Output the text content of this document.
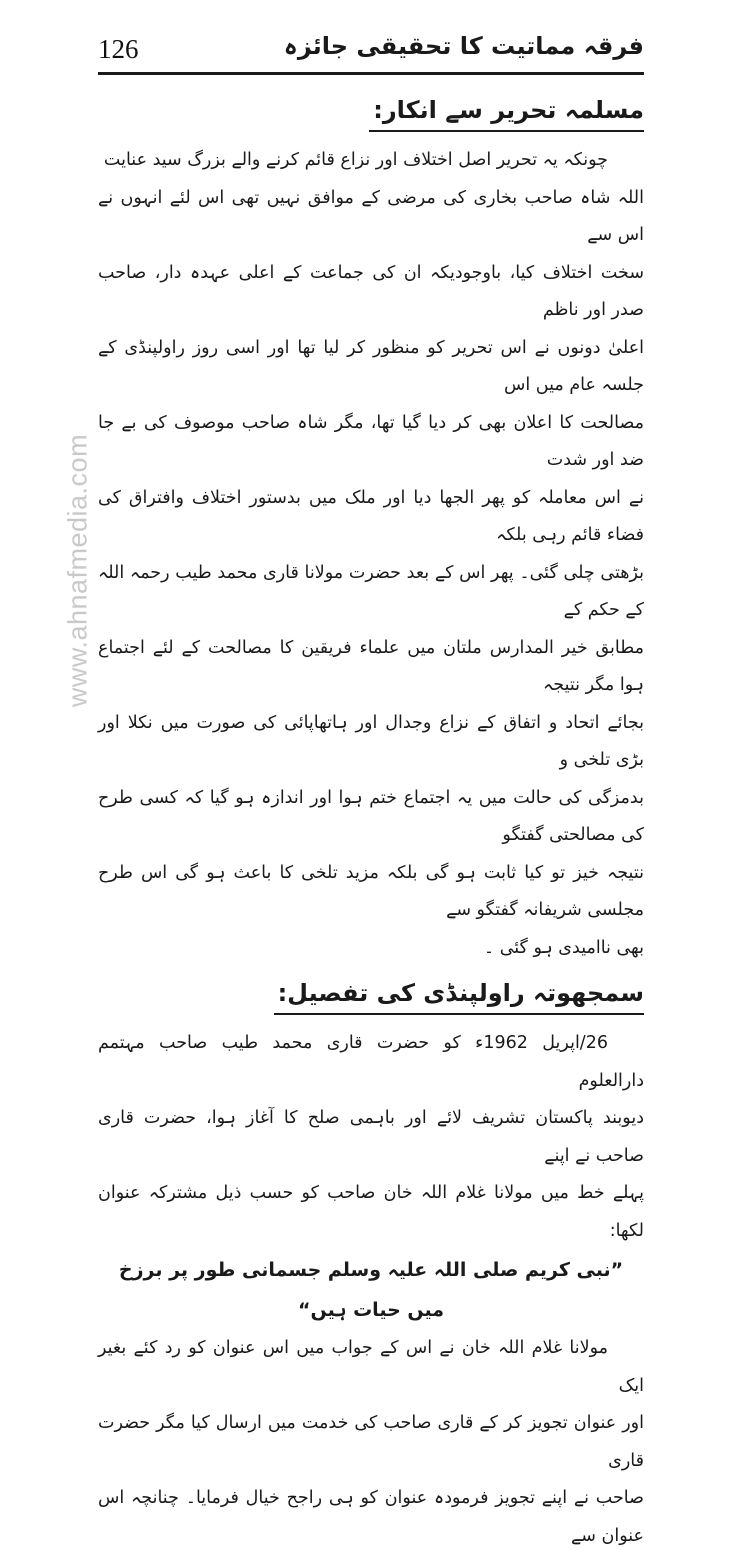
126	فرقہ مماتیت کا تحقیقی جائزہ
www.ahnafmedia.com
مسلمہ تحریر سے انکار:

چونکہ یہ تحریر اصل اختلاف اور نزاع قائم کرنے والے بزرگ سید عنایت

اللہ شاہ صاحب بخاری کی مرضی کے موافق نہیں تھی اس لئے انہوں نے اس سے

سخت اختلاف کیا، باوجودیکہ ان کی جماعت کے اعلی عہدہ دار، صاحب صدر اور ناظم

اعلیٰ دونوں نے اس تحریر کو منظور کر لیا تھا اور اسی روز راولپنڈی کے جلسہ عام میں اس

مصالحت کا اعلان بھی کر دیا گیا تھا، مگر شاہ صاحب موصوف کی بے جا ضد اور شدت

نے اس معاملہ کو پھر الجھا دیا اور ملک میں بدستور اختلاف وافتراق کی فضاء قائم رہی بلکہ

بڑھتی چلی گئی۔ پھر اس کے بعد حضرت مولانا قاری محمد طیب رحمہ اللہ کے حکم کے

مطابق خیر المدارس ملتان میں علماء فریقین کا مصالحت کے لئے اجتماع ہوا مگر نتیجہ

بجائے اتحاد و اتفاق کے نزاع وجدال اور ہاتھاپائی کی صورت میں نکلا اور بڑی تلخی و

بدمزگی کی حالت میں یہ اجتماع ختم ہوا اور اندازہ ہو گیا کہ کسی طرح کی مصالحتی گفتگو

نتیجہ خیز تو کیا ثابت ہو گی بلکہ مزید تلخی کا باعث ہو گی اس طرح مجلسی شریفانہ گفتگو سے

بھی ناامیدی ہو گئی ۔

سمجھوتہ راولپنڈی کی تفصیل:

26/اپریل 1962ء کو حضرت قاری محمد طیب صاحب مہتمم دارالعلوم

دیوبند پاکستان تشریف لائے اور باہمی صلح کا آغاز ہوا، حضرت قاری صاحب نے اپنے

پہلے خط میں مولانا غلام اللہ خان صاحب کو حسب ذیل مشترکہ عنوان لکھا:

”نبی کریم صلی اللہ علیہ وسلم جسمانی طور پر برزخ میں حیات ہیں“

مولانا غلام اللہ خان نے اس کے جواب میں اس عنوان کو رد کئے بغیر ایک

اور عنوان تجویز کر کے قاری صاحب کی خدمت میں ارسال کیا مگر حضرت قاری

صاحب نے اپنے تجویز فرمودہ عنوان کو ہی راجح خیال فرمایا۔ چنانچہ اس عنوان سے
